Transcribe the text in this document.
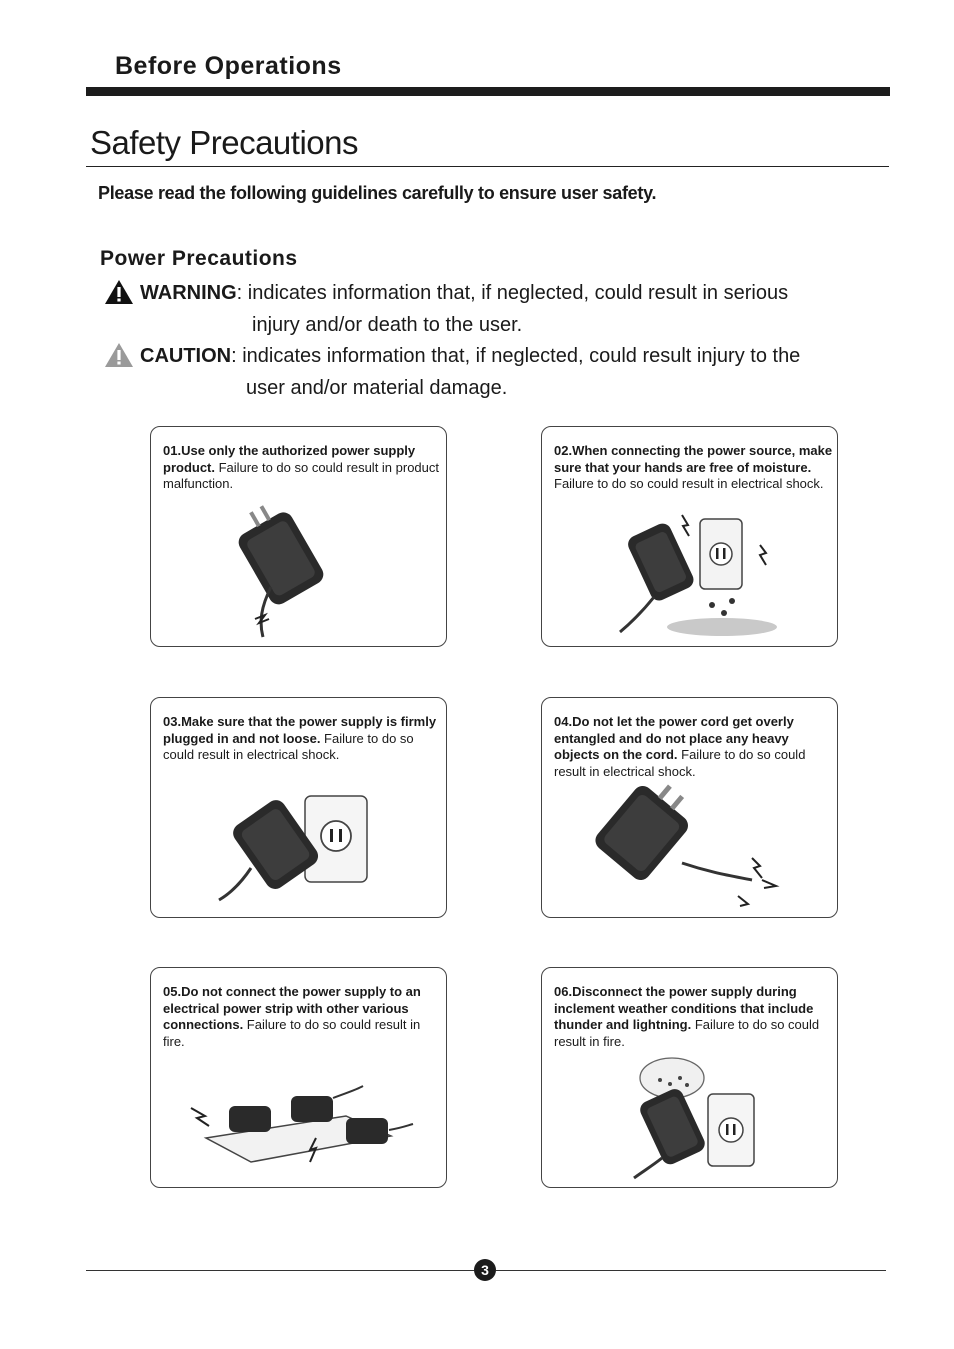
Before Operations
Safety Precautions
Please read the following guidelines carefully to ensure user safety.
Power Precautions
WARNING: indicates information that, if neglected, could result in serious
injury and/or death to the user.
CAUTION: indicates information that, if neglected, could result injury to the
user and/or material damage.
01.Use only the authorized power supply product. Failure to do so could result in product malfunction.
02.When connecting the power source, make sure that your hands are free of moisture. Failure to do so could result in electrical shock.
03.Make sure that the power supply is firmly plugged in and not loose. Failure to do so could result in electrical shock.
04.Do not let the power cord get overly entangled and do not place any heavy objects on the cord. Failure to do so could result in electrical shock.
05.Do not connect the power supply to an electrical power strip with other various connections. Failure to do so could result in fire.
06.Disconnect the power supply during inclement weather conditions that include thunder and lightning. Failure to do so could result in fire.
3
